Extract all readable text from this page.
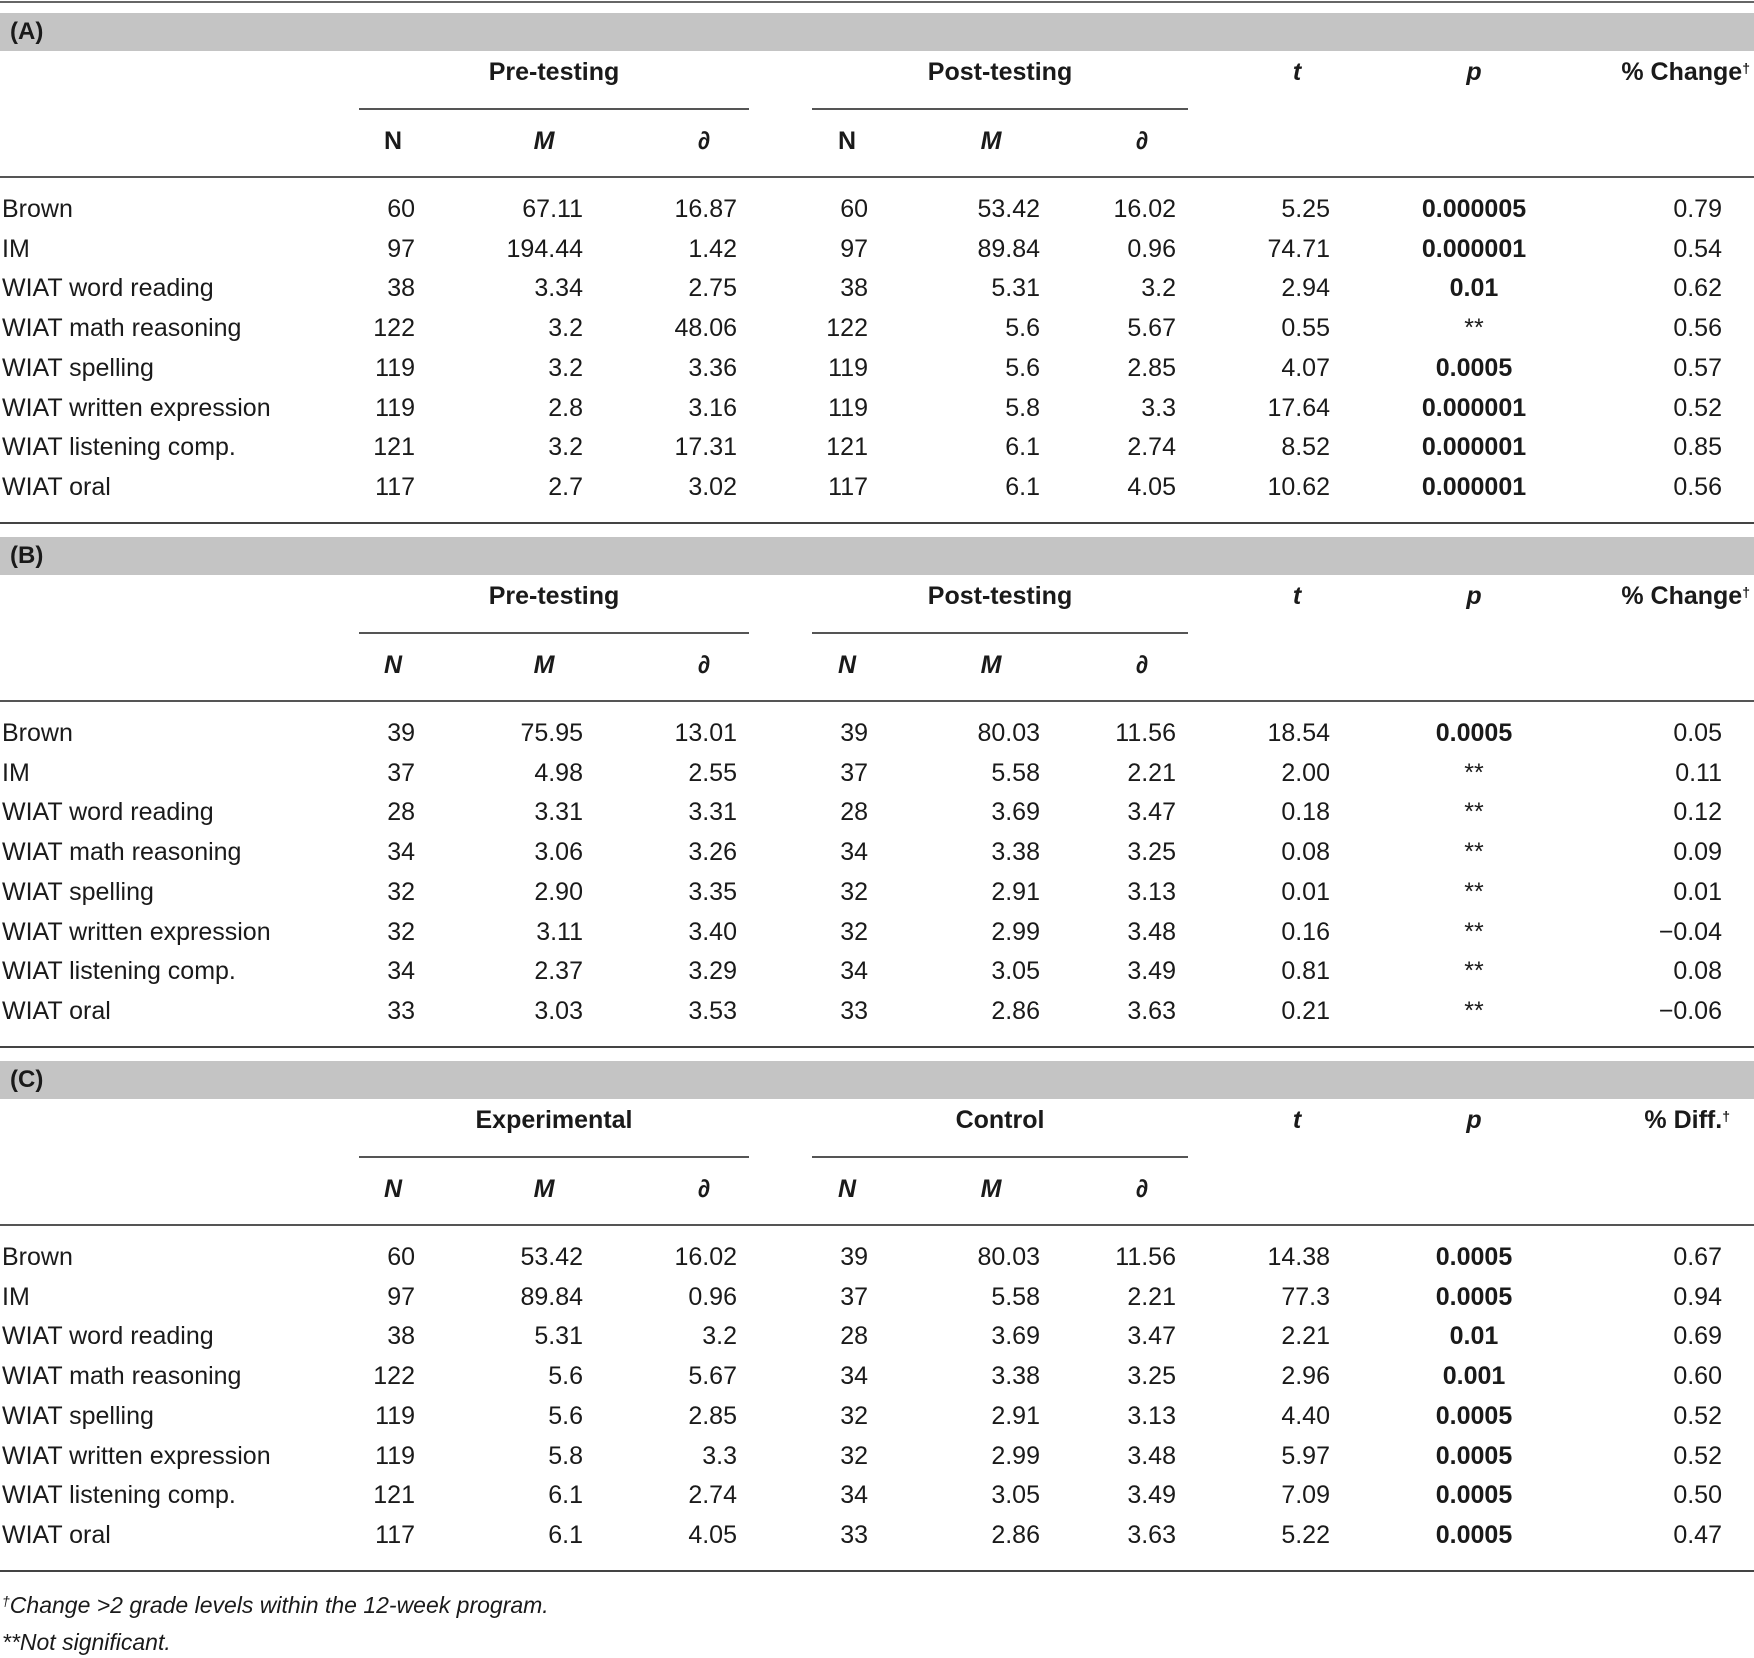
(A)
Pre-testing	Post-testing	t	p	% Change†
N	M	∂	N	M	∂
Brown	60	67.11	16.87	60	53.42	16.02	5.25	0.000005	0.79
IM	97	194.44	1.42	97	89.84	0.96	74.71	0.000001	0.54
WIAT word reading	38	3.34	2.75	38	5.31	3.2	2.94	0.01	0.62
WIAT math reasoning	122	3.2	48.06	122	5.6	5.67	0.55	**	0.56
WIAT spelling	119	3.2	3.36	119	5.6	2.85	4.07	0.0005	0.57
WIAT written expression	119	2.8	3.16	119	5.8	3.3	17.64	0.000001	0.52
WIAT listening comp.	121	3.2	17.31	121	6.1	2.74	8.52	0.000001	0.85
WIAT oral	117	2.7	3.02	117	6.1	4.05	10.62	0.000001	0.56
(B)
Pre-testing	Post-testing	t	p	% Change†
N	M	∂	N	M	∂
Brown	39	75.95	13.01	39	80.03	11.56	18.54	0.0005	0.05
IM	37	4.98	2.55	37	5.58	2.21	2.00	**	0.11
WIAT word reading	28	3.31	3.31	28	3.69	3.47	0.18	**	0.12
WIAT math reasoning	34	3.06	3.26	34	3.38	3.25	0.08	**	0.09
WIAT spelling	32	2.90	3.35	32	2.91	3.13	0.01	**	0.01
WIAT written expression	32	3.11	3.40	32	2.99	3.48	0.16	**	−0.04
WIAT listening comp.	34	2.37	3.29	34	3.05	3.49	0.81	**	0.08
WIAT oral	33	3.03	3.53	33	2.86	3.63	0.21	**	−0.06
(C)
Experimental	Control	t	p	% Diff.†
N	M	∂	N	M	∂
Brown	60	53.42	16.02	39	80.03	11.56	14.38	0.0005	0.67
IM	97	89.84	0.96	37	5.58	2.21	77.3	0.0005	0.94
WIAT word reading	38	5.31	3.2	28	3.69	3.47	2.21	0.01	0.69
WIAT math reasoning	122	5.6	5.67	34	3.38	3.25	2.96	0.001	0.60
WIAT spelling	119	5.6	2.85	32	2.91	3.13	4.40	0.0005	0.52
WIAT written expression	119	5.8	3.3	32	2.99	3.48	5.97	0.0005	0.52
WIAT listening comp.	121	6.1	2.74	34	3.05	3.49	7.09	0.0005	0.50
WIAT oral	117	6.1	4.05	33	2.86	3.63	5.22	0.0005	0.47
†Change >2 grade levels within the 12-week program.
**Not significant.
